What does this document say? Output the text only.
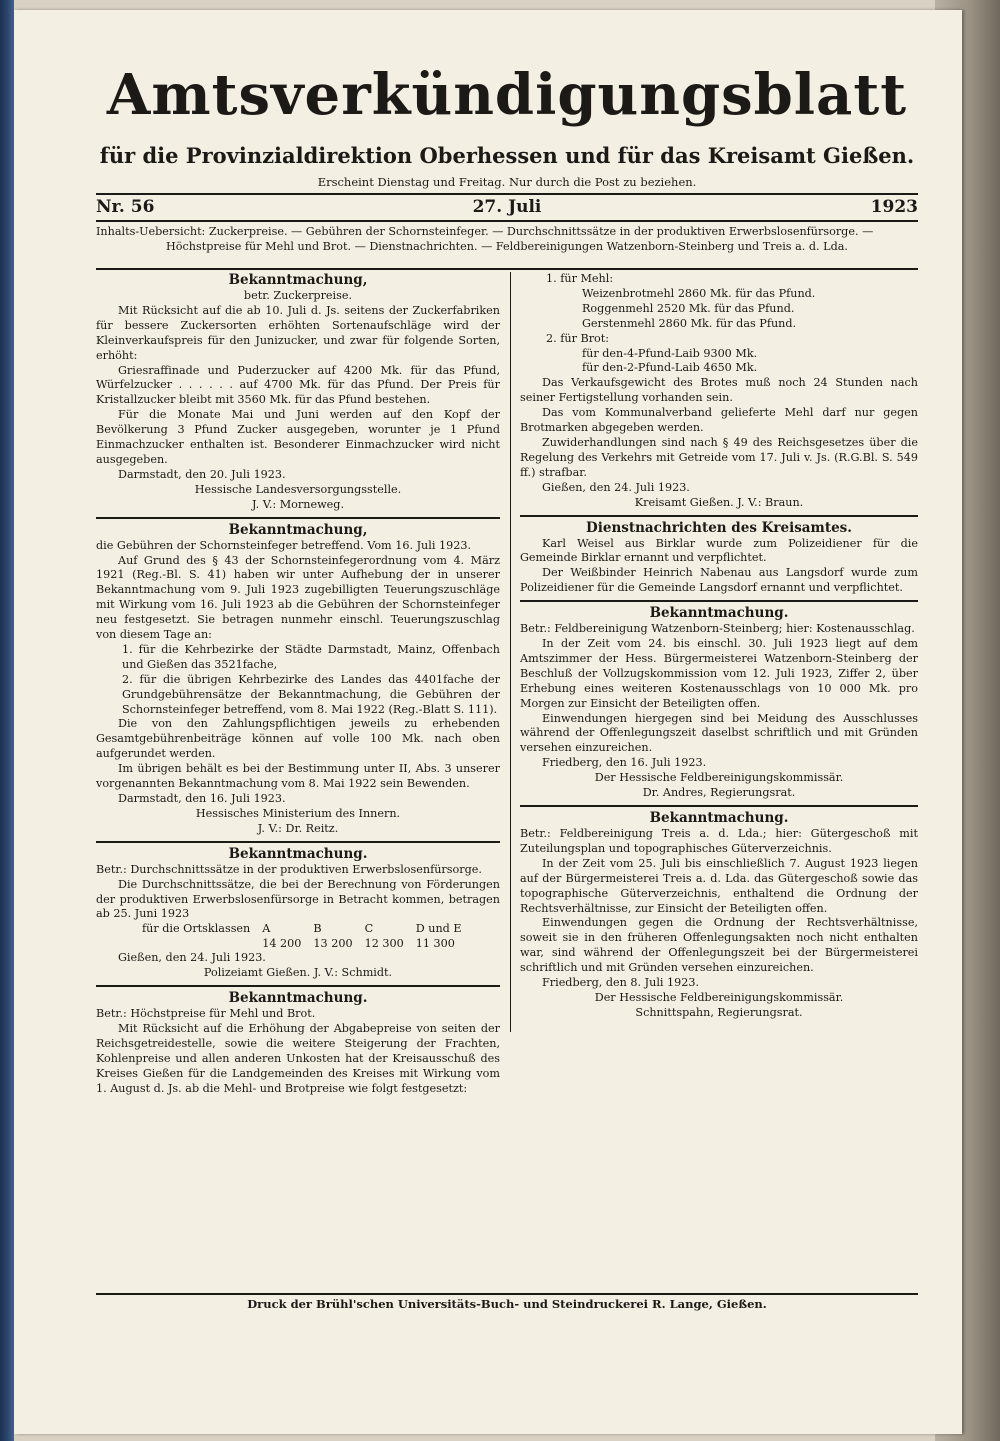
Amtsverkündigungsblatt
für die Provinzialdirektion Oberhessen und für das Kreisamt Gießen.
Erscheint Dienstag und Freitag. Nur durch die Post zu beziehen.
Nr. 56	27. Juli	1923

Inhalts-Uebersicht: Zuckerpreise. — Gebühren der Schornsteinfeger. — Durchschnittssätze in der produktiven Erwerbslosenfürsorge. —

Höchstpreise für Mehl und Brot. — Dienstnachrichten. — Feldbereinigungen Watzenborn-Steinberg und Treis a. d. Lda.

Bekanntmachung,

betr. Zuckerpreise.

Mit Rücksicht auf die ab 10. Juli d. Js. seitens der Zuckerfabriken für bessere Zuckersorten erhöhten Sortenaufschläge wird der Kleinverkaufspreis für den Junizucker, und zwar für folgende Sorten, erhöht:

Griesraffinade und Puderzucker auf 4200 Mk. für das Pfund, Würfelzucker . . . . . . auf 4700 Mk. für das Pfund. Der Preis für Kristallzucker bleibt mit 3560 Mk. für das Pfund bestehen.

Für die Monate Mai und Juni werden auf den Kopf der Bevölkerung 3 Pfund Zucker ausgegeben, worunter je 1 Pfund Einmachzucker enthalten ist. Besonderer Einmachzucker wird nicht ausgegeben.

Darmstadt, den 20. Juli 1923.

Hessische Landesversorgungsstelle.

J. V.: Morneweg.

Bekanntmachung,

die Gebühren der Schornsteinfeger betreffend. Vom 16. Juli 1923.

Auf Grund des § 43 der Schornsteinfegerordnung vom 4. März 1921 (Reg.-Bl. S. 41) haben wir unter Aufhebung der in unserer Bekanntmachung vom 9. Juli 1923 zugebilligten Teuerungszuschläge mit Wirkung vom 16. Juli 1923 ab die Gebühren der Schornsteinfeger neu festgesetzt. Sie betragen nunmehr einschl. Teuerungszuschlag von diesem Tage an:

1. für die Kehrbezirke der Städte Darmstadt, Mainz, Offenbach und Gießen das 3521fache,

2. für die übrigen Kehrbezirke des Landes das 4401fache der Grundgebührensätze der Bekanntmachung, die Gebühren der Schornsteinfeger betreffend, vom 8. Mai 1922 (Reg.-Blatt S. 111).

Die von den Zahlungspflichtigen jeweils zu erhebenden Gesamtgebührenbeiträge können auf volle 100 Mk. nach oben aufgerundet werden.

Im übrigen behält es bei der Bestimmung unter II, Abs. 3 unserer vorgenannten Bekanntmachung vom 8. Mai 1922 sein Bewenden.

Darmstadt, den 16. Juli 1923.

Hessisches Ministerium des Innern.

J. V.: Dr. Reitz.

Bekanntmachung.

Betr.: Durchschnittssätze in der produktiven Erwerbslosenfürsorge.

Die Durchschnittssätze, die bei der Berechnung von Förderungen der produktiven Erwerbslosenfürsorge in Betracht kommen, betragen ab 25. Juni 1923

für die Ortsklassen	A	B	C	D und E
	14 200	13 200	12 300	11 300

Gießen, den 24. Juli 1923.

Polizeiamt Gießen. J. V.: Schmidt.

Bekanntmachung.

Betr.: Höchstpreise für Mehl und Brot.

Mit Rücksicht auf die Erhöhung der Abgabepreise von seiten der Reichsgetreidestelle, sowie die weitere Steigerung der Frachten, Kohlenpreise und allen anderen Unkosten hat der Kreisausschuß des Kreises Gießen für die Landgemeinden des Kreises mit Wirkung vom 1. August d. Js. ab die Mehl- und Brotpreise wie folgt festgesetzt:

1. für Mehl:

Weizenbrotmehl 2860 Mk. für das Pfund.

Roggenmehl 2520 Mk. für das Pfund.

Gerstenmehl 2860 Mk. für das Pfund.

2. für Brot:

für den-4-Pfund-Laib 9300 Mk.

für den-2-Pfund-Laib 4650 Mk.

Das Verkaufsgewicht des Brotes muß noch 24 Stunden nach seiner Fertigstellung vorhanden sein.

Das vom Kommunalverband gelieferte Mehl darf nur gegen Brotmarken abgegeben werden.

Zuwiderhandlungen sind nach § 49 des Reichsgesetzes über die Regelung des Verkehrs mit Getreide vom 17. Juli v. Js. (R.G.Bl. S. 549 ff.) strafbar.

Gießen, den 24. Juli 1923.

Kreisamt Gießen. J. V.: Braun.

Dienstnachrichten des Kreisamtes.

Karl Weisel aus Birklar wurde zum Polizeidiener für die Gemeinde Birklar ernannt und verpflichtet.

Der Weißbinder Heinrich Nabenau aus Langsdorf wurde zum Polizeidiener für die Gemeinde Langsdorf ernannt und verpflichtet.

Bekanntmachung.

Betr.: Feldbereinigung Watzenborn-Steinberg; hier: Kostenausschlag.

In der Zeit vom 24. bis einschl. 30. Juli 1923 liegt auf dem Amtszimmer der Hess. Bürgermeisterei Watzenborn-Steinberg der Beschluß der Vollzugskommission vom 12. Juli 1923, Ziffer 2, über Erhebung eines weiteren Kostenausschlags von 10 000 Mk. pro Morgen zur Einsicht der Beteiligten offen.

Einwendungen hiergegen sind bei Meidung des Ausschlusses während der Offenlegungszeit daselbst schriftlich und mit Gründen versehen einzureichen.

Friedberg, den 16. Juli 1923.

Der Hessische Feldbereinigungskommissär.

Dr. Andres, Regierungsrat.

Bekanntmachung.

Betr.: Feldbereinigung Treis a. d. Lda.; hier: Gütergeschoß mit Zuteilungsplan und topographisches Güterverzeichnis.

In der Zeit vom 25. Juli bis einschließlich 7. August 1923 liegen auf der Bürgermeisterei Treis a. d. Lda. das Gütergeschoß sowie das topographische Güterverzeichnis, enthaltend die Ordnung der Rechtsverhältnisse, zur Einsicht der Beteiligten offen.

Einwendungen gegen die Ordnung der Rechtsverhältnisse, soweit sie in den früheren Offenlegungsakten noch nicht enthalten war, sind während der Offenlegungszeit bei der Bürgermeisterei schriftlich und mit Gründen versehen einzureichen.

Friedberg, den 8. Juli 1923.

Der Hessische Feldbereinigungskommissär.

Schnittspahn, Regierungsrat.

Druck der Brühl'schen Universitäts-Buch- und Steindruckerei R. Lange, Gießen.
